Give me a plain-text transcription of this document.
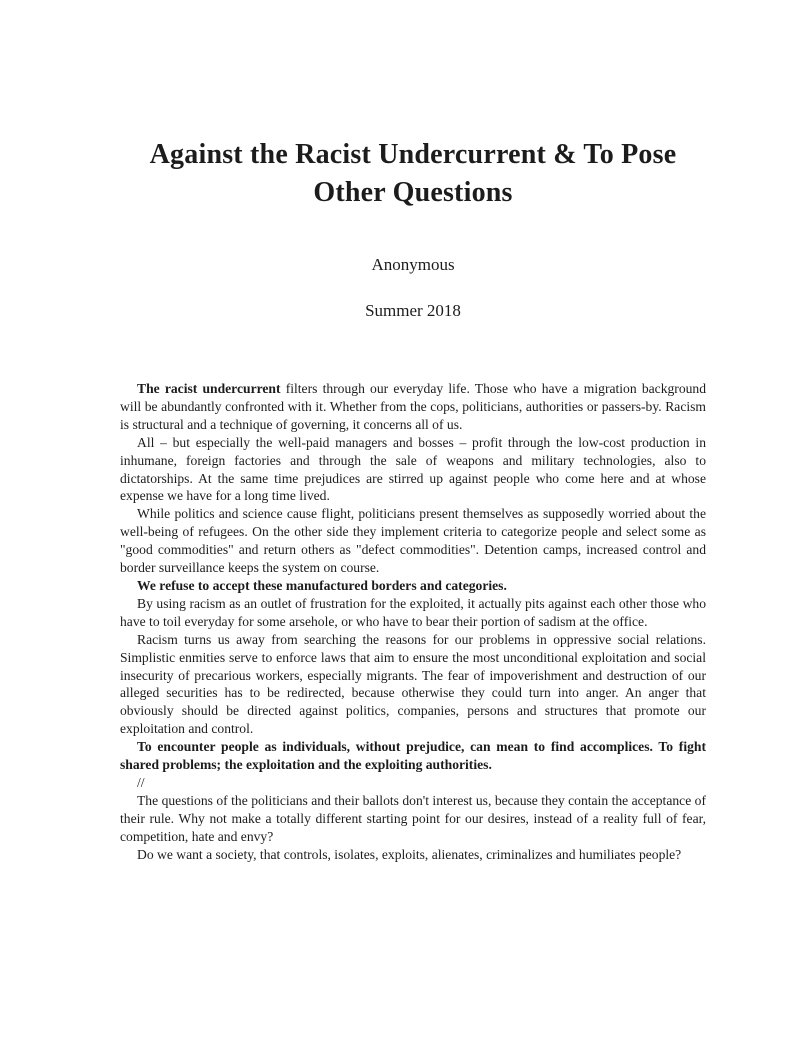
Against the Racist Undercurrent & To Pose Other Questions
Anonymous
Summer 2018

The racist undercurrent filters through our everyday life. Those who have a migration background will be abundantly confronted with it. Whether from the cops, politicians, authorities or passers-by. Racism is structural and a technique of governing, it concerns all of us.

All – but especially the well-paid managers and bosses – profit through the low-cost production in inhumane, foreign factories and through the sale of weapons and military technologies, also to dictatorships. At the same time prejudices are stirred up against people who come here and at whose expense we have for a long time lived.

While politics and science cause flight, politicians present themselves as supposedly worried about the well-being of refugees. On the other side they implement criteria to categorize people and select some as "good commodities" and return others as "defect commodities". Detention camps, increased control and border surveillance keeps the system on course.

We refuse to accept these manufactured borders and categories.

By using racism as an outlet of frustration for the exploited, it actually pits against each other those who have to toil everyday for some arsehole, or who have to bear their portion of sadism at the office.

Racism turns us away from searching the reasons for our problems in oppressive social relations. Simplistic enmities serve to enforce laws that aim to ensure the most unconditional exploitation and social insecurity of precarious workers, especially migrants. The fear of impoverishment and destruction of our alleged securities has to be redirected, because otherwise they could turn into anger. An anger that obviously should be directed against politics, companies, persons and structures that promote our exploitation and control.

To encounter people as individuals, without prejudice, can mean to find accomplices. To fight shared problems; the exploitation and the exploiting authorities.

//

The questions of the politicians and their ballots don't interest us, because they contain the acceptance of their rule. Why not make a totally different starting point for our desires, instead of a reality full of fear, competition, hate and envy?

Do we want a society, that controls, isolates, exploits, alienates, criminalizes and humiliates people?
